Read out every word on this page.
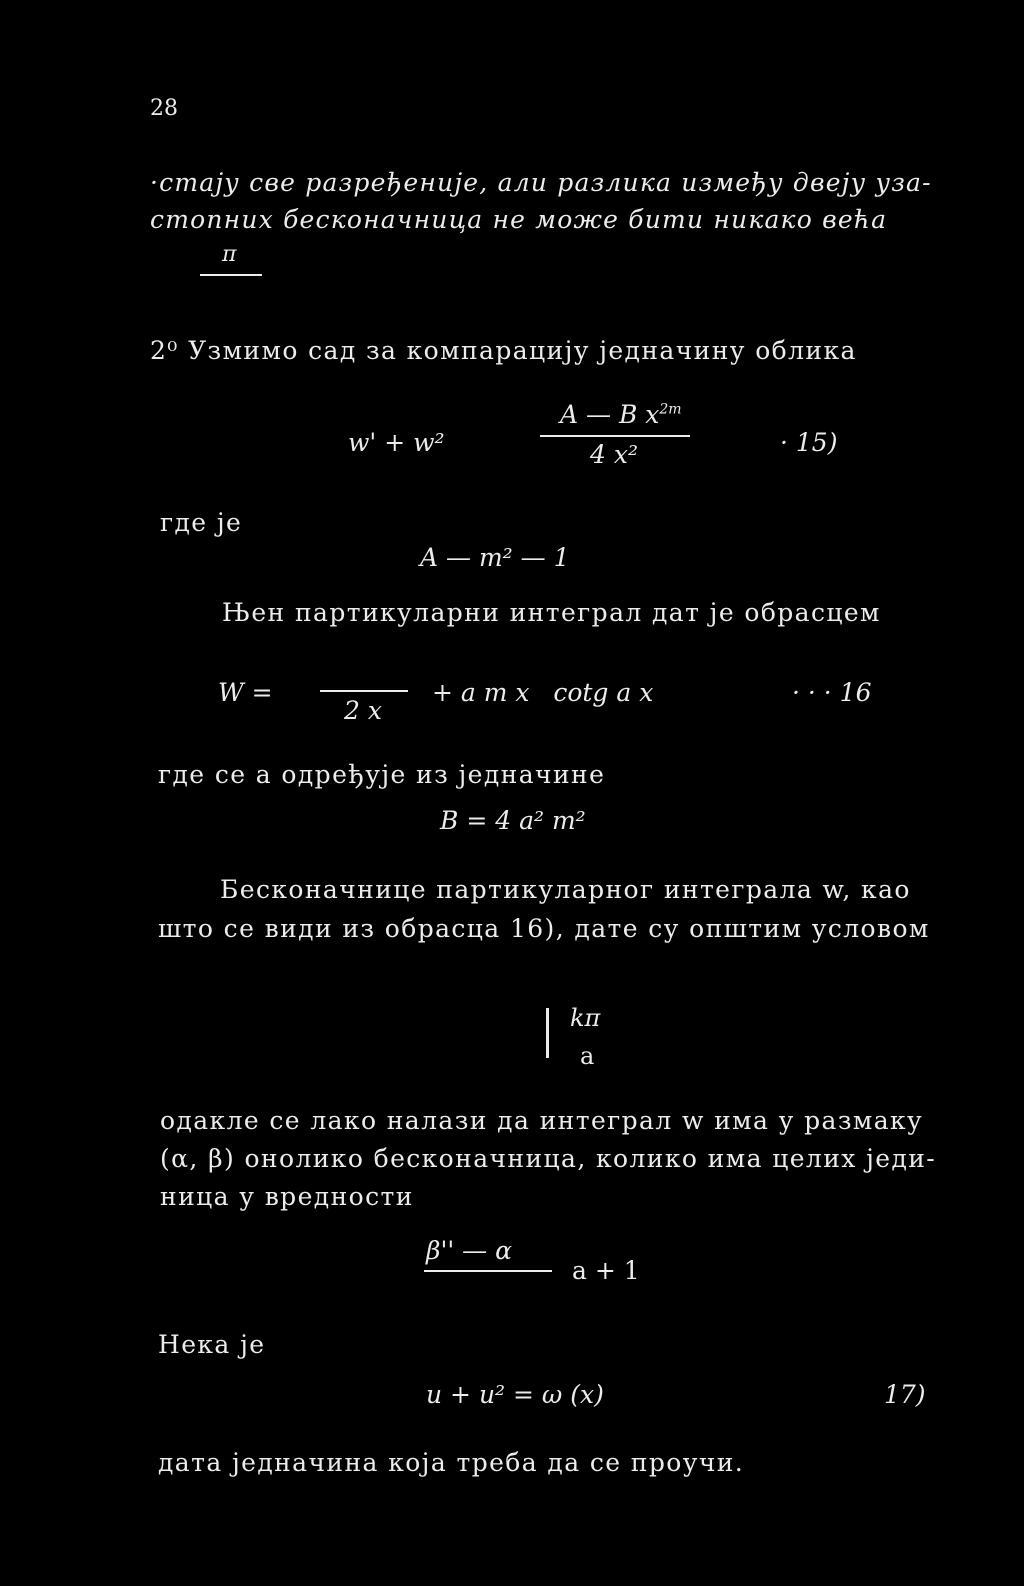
28
·стају све разређеније, али разлика између двеју узa-
стопних бесконачница не може бити никако већа
π
2⁰ Узмимо сад за компарацију једначину облика
w' + w²
A — B $x^{2m}$
4 x²	· 15)
где је
A — m² — 1
Њен партикуларни интеграл дат је обрасцем
W =
2 x
+ a m x   cotg a x	· · · 16
где се a одређује из једначине
B = 4 a² m²
Бесконачнице партикуларног интеграла w, као
што се види из обрасца 16), дате су општим условом
kπ
a
одакле се лако налази да интеграл w има у размаку
(α, β) онолико бесконачница, колико има целих једи-
ница у вредности
β'' — α
a + 1
Нека је
u + u² = ω (x)	17)
дата једначина која треба да се проучи.
